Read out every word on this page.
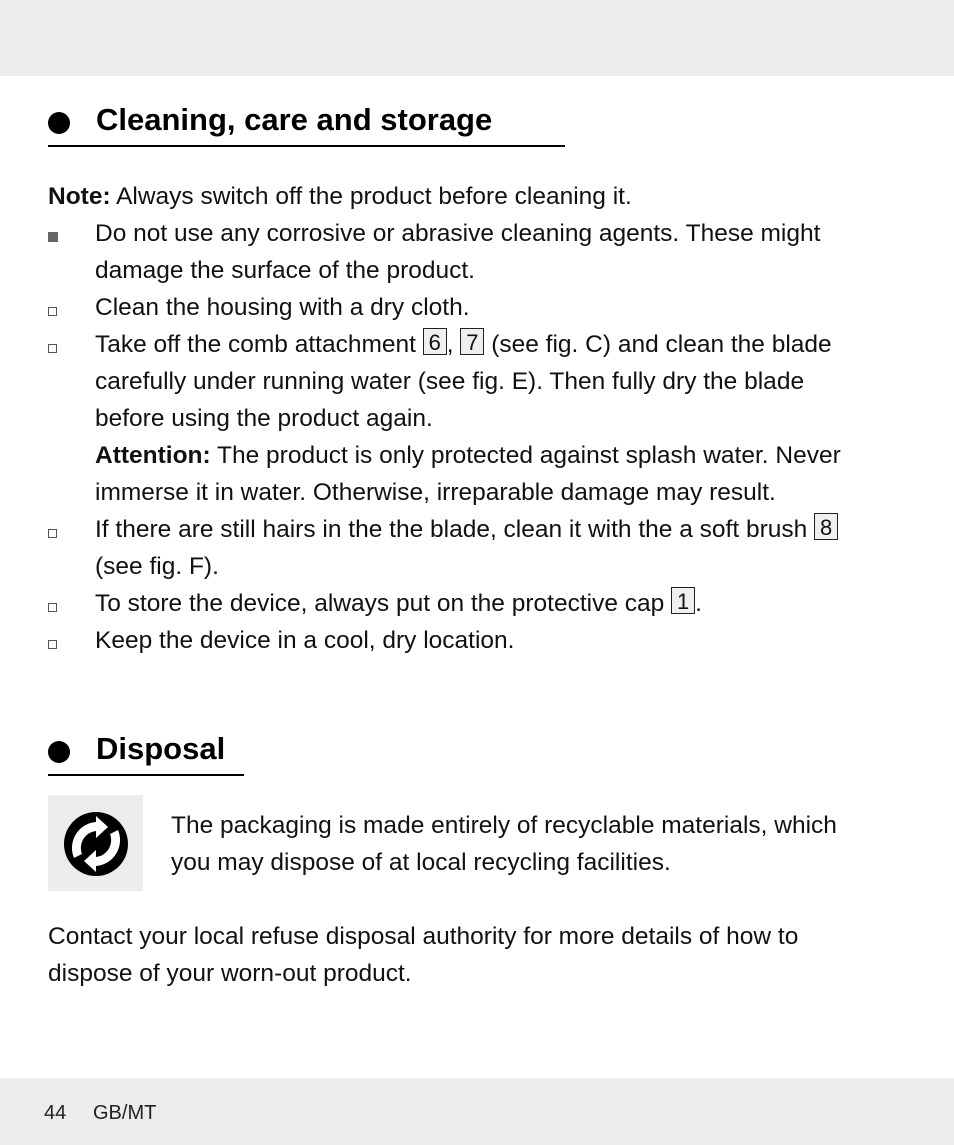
Cleaning, care and storage
Note: Always switch off the product before cleaning it.
Do not use any corrosive or abrasive cleaning agents. These might
damage the surface of the product.
Clean the housing with a dry cloth.
Take off the comb attachment 6 , 7 (see fig. C) and clean the blade
carefully under running water (see fig. E). Then fully dry the blade
before using the product again.
Attention: The product is only protected against splash water. Never
immerse it in water. Otherwise, irreparable damage may result.
If there are still hairs in the the blade, clean it with the a soft brush 8
(see fig. F).
To store the device, always put on the protective cap 1 .
Keep the device in a cool, dry location.
Disposal
The packaging is made entirely of recyclable materials, which
you may dispose of at local recycling facilities.
Contact your local refuse disposal authority for more details of how to
dispose of your worn-out product.
44 GB/MT
